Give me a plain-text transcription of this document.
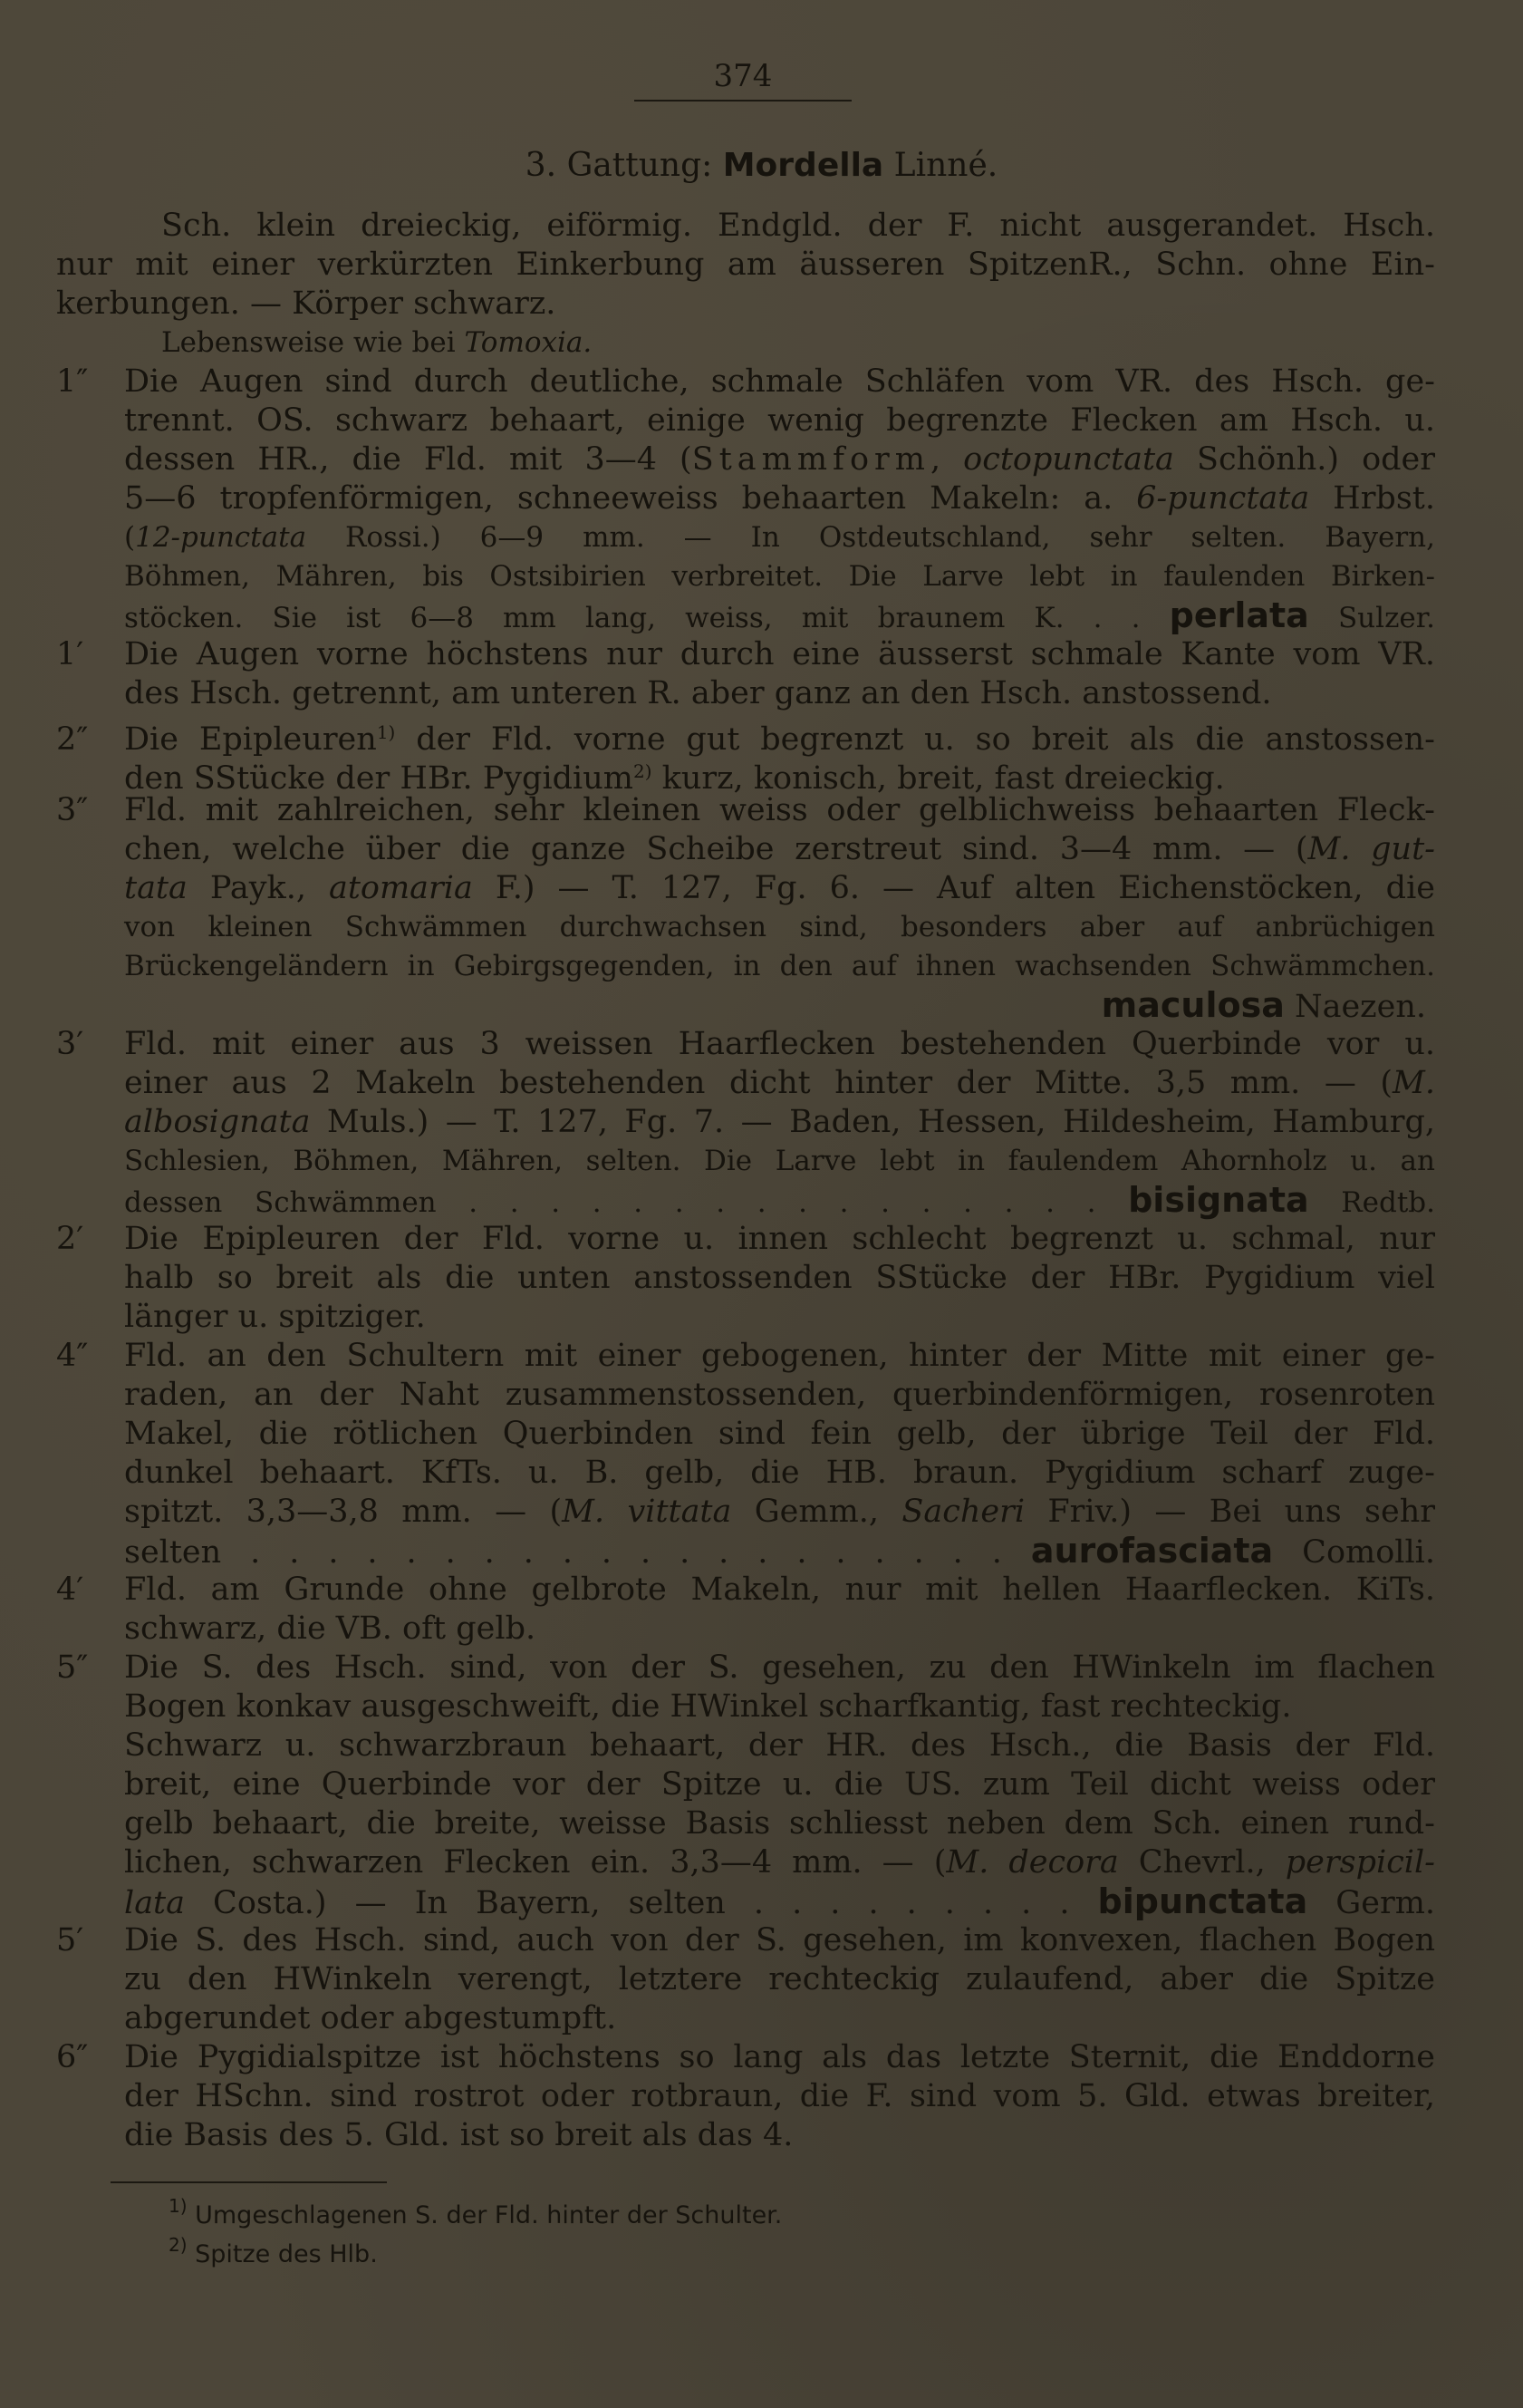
374
3. Gattung: Mordella Linné.
Sch. klein dreieckig, eiförmig. Endgld. der F. nicht ausgerandet. Hsch.
nur mit einer verkürzten Einkerbung am äusseren SpitzenR., Schn. ohne Ein-
kerbungen. — Körper schwarz.
Lebensweise wie bei Tomoxia.
1″ Die Augen sind durch deutliche, schmale Schläfen vom VR. des Hsch. ge-
trennt. OS. schwarz behaart, einige wenig begrenzte Flecken am Hsch. u.
dessen HR., die Fld. mit 3—4 (Stammform, octopunctata Schönh.) oder
5—6 tropfenförmigen, schneeweiss behaarten Makeln: a. 6-punctata Hrbst.
(12-punctata Rossi.) 6—9 mm. — In Ostdeutschland, sehr selten. Bayern,
Böhmen, Mähren, bis Ostsibirien verbreitet. Die Larve lebt in faulenden Birken-
stöcken. Sie ist 6—8 mm lang, weiss, mit braunem K. . . perlata Sulzer.
1′ Die Augen vorne höchstens nur durch eine äusserst schmale Kante vom VR.
des Hsch. getrennt, am unteren R. aber ganz an den Hsch. anstossend.
2″ Die Epipleuren$^{1)}$ der Fld. vorne gut begrenzt u. so breit als die anstossen-
den SStücke der HBr. Pygidium$^{2)}$ kurz, konisch, breit, fast dreieckig.
3″ Fld. mit zahlreichen, sehr kleinen weiss oder gelblichweiss behaarten Fleck-
chen, welche über die ganze Scheibe zerstreut sind. 3—4 mm. — (M. gut-
tata Payk., atomaria F.) — T. 127, Fg. 6. — Auf alten Eichenstöcken, die
von kleinen Schwämmen durchwachsen sind, besonders aber auf anbrüchigen
Brückengeländern in Gebirgsgegenden, in den auf ihnen wachsenden Schwämmchen.
maculosa Naezen.
3′ Fld. mit einer aus 3 weissen Haarflecken bestehenden Querbinde vor u.
einer aus 2 Makeln bestehenden dicht hinter der Mitte. 3,5 mm. — (M.
albosignata Muls.) — T. 127, Fg. 7. — Baden, Hessen, Hildesheim, Hamburg,
Schlesien, Böhmen, Mähren, selten. Die Larve lebt in faulendem Ahornholz u. an
dessen Schwämmen . . . . . . . . . . . . . . . . bisignata Redtb.
2′ Die Epipleuren der Fld. vorne u. innen schlecht begrenzt u. schmal, nur
halb so breit als die unten anstossenden SStücke der HBr. Pygidium viel
länger u. spitziger.
4″ Fld. an den Schultern mit einer gebogenen, hinter der Mitte mit einer ge-
raden, an der Naht zusammenstossenden, querbindenförmigen, rosenroten
Makel, die rötlichen Querbinden sind fein gelb, der übrige Teil der Fld.
dunkel behaart. KfTs. u. B. gelb, die HB. braun. Pygidium scharf zuge-
spitzt. 3,3—3,8 mm. — (M. vittata Gemm., Sacheri Friv.) — Bei uns sehr
selten . . . . . . . . . . . . . . . . . . . . aurofasciata Comolli.
4′ Fld. am Grunde ohne gelbrote Makeln, nur mit hellen Haarflecken. KiTs.
schwarz, die VB. oft gelb.
5″ Die S. des Hsch. sind, von der S. gesehen, zu den HWinkeln im flachen
Bogen konkav ausgeschweift, die HWinkel scharfkantig, fast rechteckig.
Schwarz u. schwarzbraun behaart, der HR. des Hsch., die Basis der Fld.
breit, eine Querbinde vor der Spitze u. die US. zum Teil dicht weiss oder
gelb behaart, die breite, weisse Basis schliesst neben dem Sch. einen rund-
lichen, schwarzen Flecken ein. 3,3—4 mm. — (M. decora Chevrl., perspicil-
lata Costa.) — In Bayern, selten . . . . . . . . . bipunctata Germ.
5′ Die S. des Hsch. sind, auch von der S. gesehen, im konvexen, flachen Bogen
zu den HWinkeln verengt, letztere rechteckig zulaufend, aber die Spitze
abgerundet oder abgestumpft.
6″ Die Pygidialspitze ist höchstens so lang als das letzte Sternit, die Enddorne
der HSchn. sind rostrot oder rotbraun, die F. sind vom 5. Gld. etwas breiter,
die Basis des 5. Gld. ist so breit als das 4.
$^{1)}$ Umgeschlagenen S. der Fld. hinter der Schulter.
$^{2)}$ Spitze des Hlb.
